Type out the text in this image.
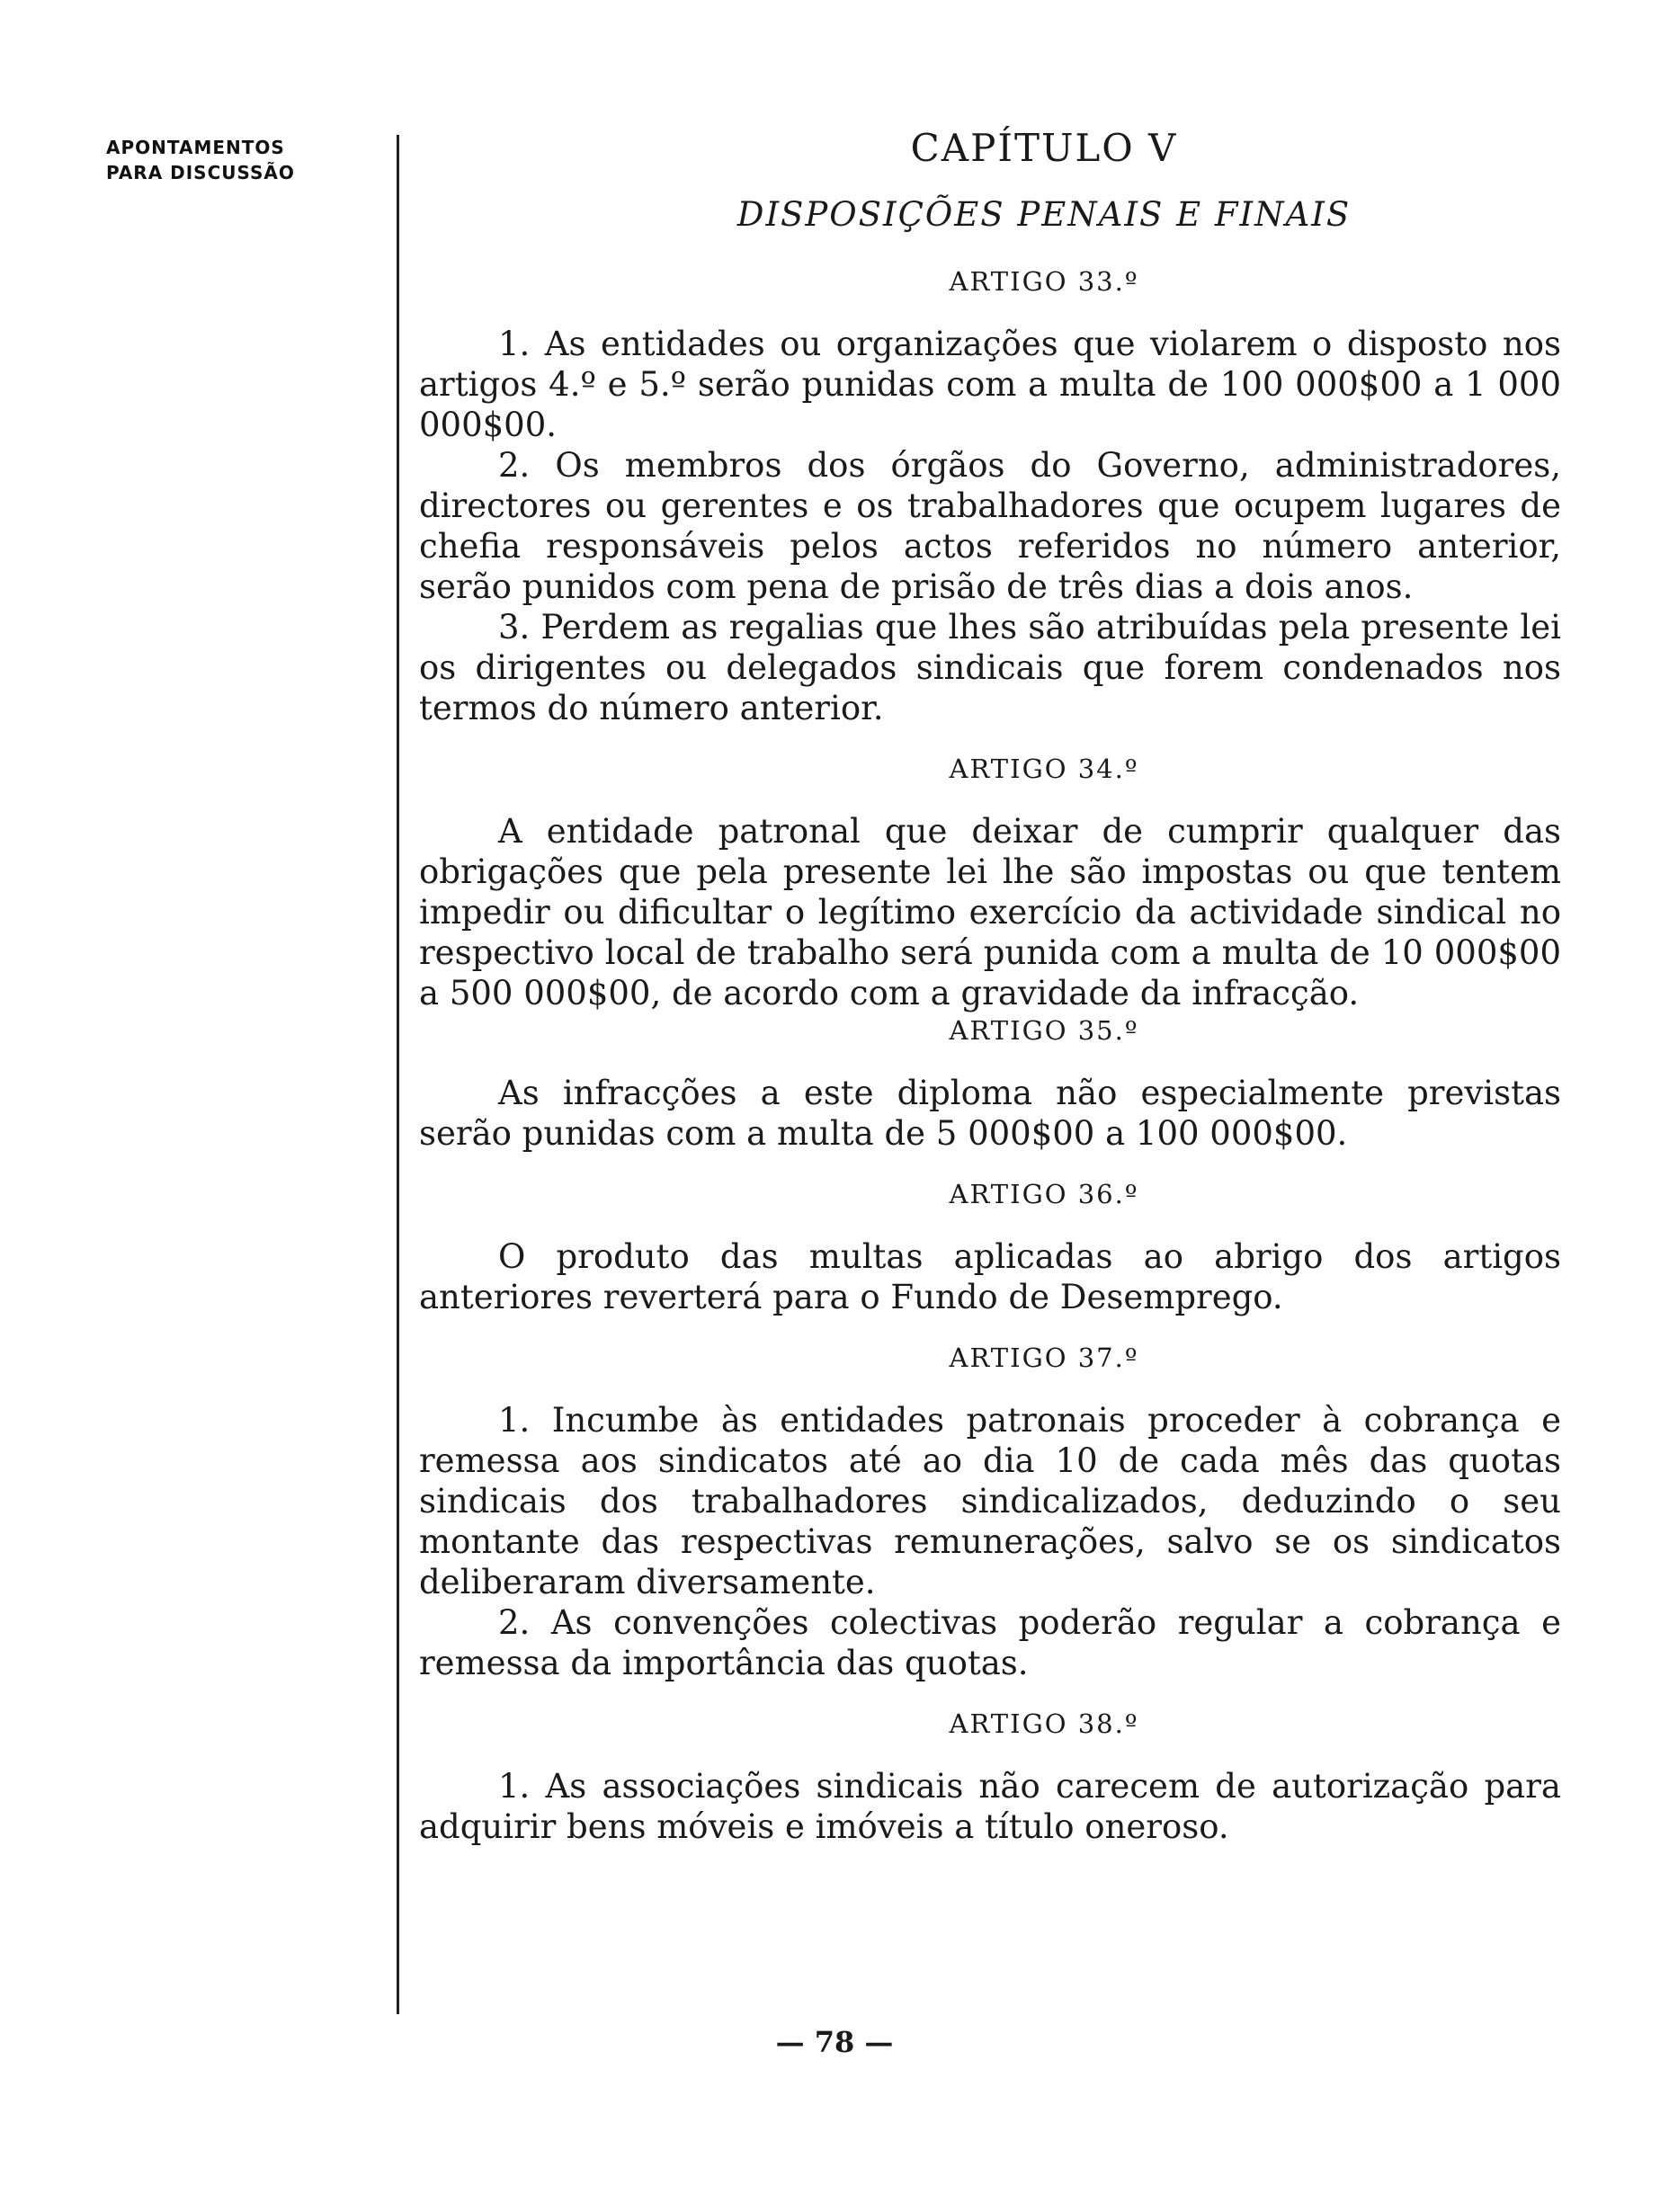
APONTAMENTOS
PARA DISCUSSÃO
CAPÍTULO V
DISPOSIÇÕES PENAIS E FINAIS
ARTIGO 33.º

1. As entidades ou organizações que violarem o disposto nos artigos 4.º e 5.º serão punidas com a multa de 100 000$00 a 1 000 000$00.

2. Os membros dos órgãos do Governo, administradores, directores ou gerentes e os trabalhadores que ocupem lugares de chefia responsáveis pelos actos referidos no número anterior, serão punidos com pena de prisão de três dias a dois anos.

3. Perdem as regalias que lhes são atribuídas pela presente lei os dirigentes ou delegados sindicais que forem condenados nos termos do número anterior.

ARTIGO 34.º

A entidade patronal que deixar de cumprir qualquer das obrigações que pela presente lei lhe são impostas ou que tentem impedir ou dificultar o legítimo exercício da actividade sindical no respectivo local de trabalho será punida com a multa de 10 000$00 a 500 000$00, de acordo com a gravidade da infracção.

ARTIGO 35.º

As infracções a este diploma não especialmente previstas serão punidas com a multa de 5 000$00 a 100 000$00.

ARTIGO 36.º

O produto das multas aplicadas ao abrigo dos artigos anteriores reverterá para o Fundo de Desemprego.

ARTIGO 37.º

1. Incumbe às entidades patronais proceder à cobrança e remessa aos sindicatos até ao dia 10 de cada mês das quotas sindicais dos trabalhadores sindicalizados, deduzindo o seu montante das respectivas remunerações, salvo se os sindicatos deliberaram diversamente.

2. As convenções colectivas poderão regular a cobrança e remessa da importância das quotas.

ARTIGO 38.º

1. As associações sindicais não carecem de autorização para adquirir bens móveis e imóveis a título oneroso.

— 78 —
